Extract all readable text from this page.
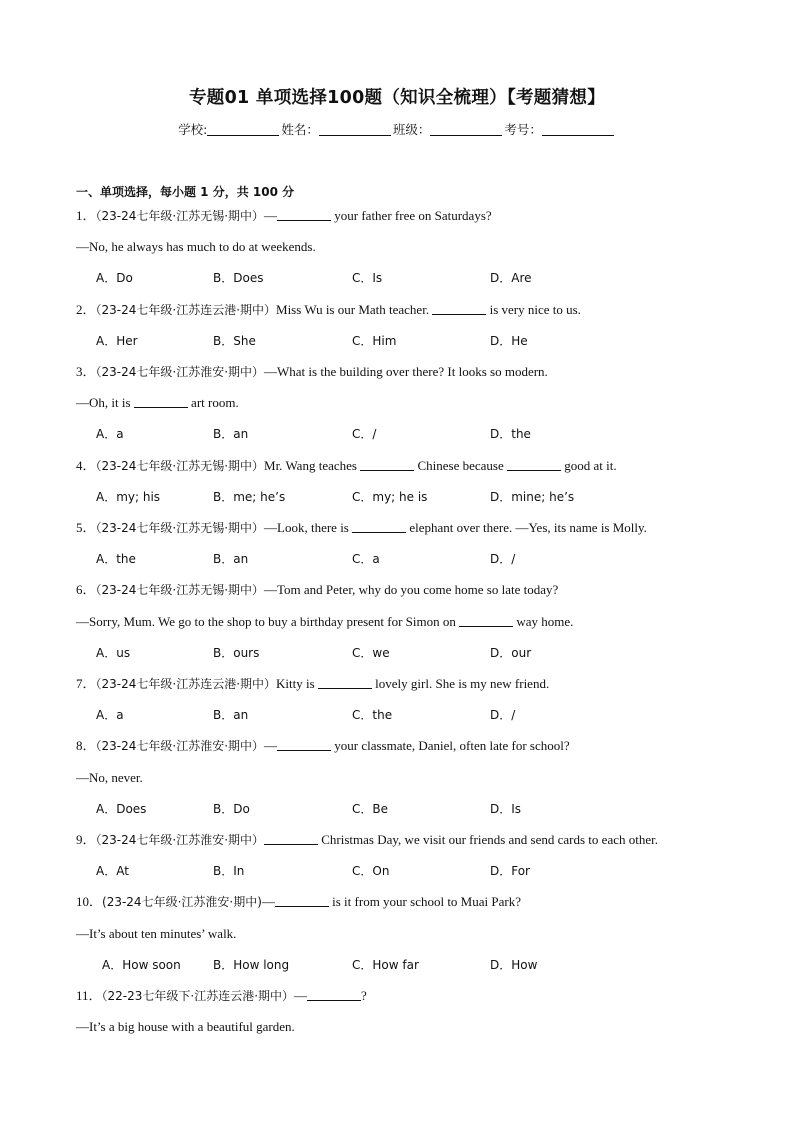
专题01 单项选择100题（知识全梳理）【考题猜想】
学校:	姓名：	班级：	考号：
一、单项选择，每小题 1 分，共 100 分
1．（23-24七年级·江苏无锡·期中）—	your father free on Saturdays?
—No, he always has much to do at weekends.
A．Do	B．Does	C．Is	D．Are
2．（23-24七年级·江苏连云港·期中）Miss Wu is our Math teacher.	is very nice to us.
A．Her	B．She	C．Him	D．He
3．（23-24七年级·江苏淮安·期中）—What is the building over there? It looks so modern.
—Oh, it is	art room.
A．a	B．an	C．/	D．the
4．（23-24七年级·江苏无锡·期中）Mr. Wang teaches	Chinese because	good at it.
A．my; his	B．me; he’s	C．my; he is	D．mine; he’s
5．（23-24七年级·江苏无锡·期中）—Look, there is	elephant over there. —Yes, its name is Molly.
A．the	B．an	C．a	D．/
6．（23-24七年级·江苏无锡·期中）—Tom and Peter, why do you come home so late today?
—Sorry, Mum. We go to the shop to buy a birthday present for Simon on	way home.
A．us	B．ours	C．we	D．our
7．（23-24七年级·江苏连云港·期中）Kitty is	lovely girl. She is my new friend.
A．a	B．an	C．the	D．/
8．（23-24七年级·江苏淮安·期中）—	your classmate, Daniel, often late for school?
—No, never.
A．Does	B．Do	C．Be	D．Is
9．（23-24七年级·江苏淮安·期中）	Christmas Day, we visit our friends and send cards to each other.
A．At	B．In	C．On	D．For
10．(23-24七年级·江苏淮安·期中)—	is it from your school to Muai Park?
—It’s about ten minutes’ walk.
A．How soon	B．How long	C．How far	D．How
11．（22-23七年级下·江苏连云港·期中）—	?
—It’s a big house with a beautiful garden.
